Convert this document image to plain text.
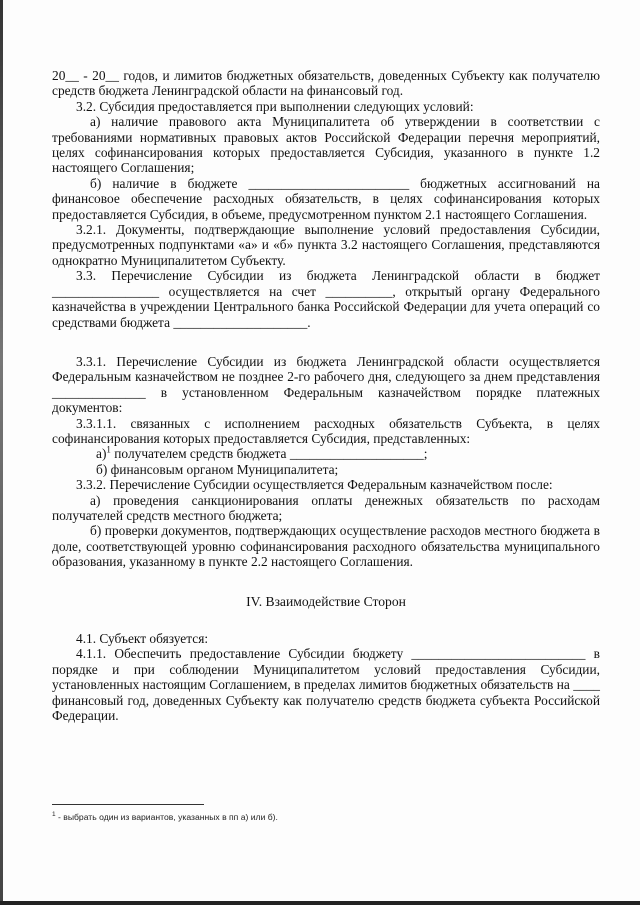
20__ - 20__ годов, и лимитов бюджетных обязательств, доведенных Субъекту как получателю средств бюджета Ленинградской области на финансовый год.

3.2. Субсидия предоставляется при выполнении следующих условий:

а) наличие правового акта Муниципалитета об утверждении в соответствии с требованиями нормативных правовых актов Российской Федерации перечня мероприятий, целях софинансирования которых предоставляется Субсидия, указанного в пункте 1.2 настоящего Соглашения;

б) наличие в бюджете ________________________ бюджетных ассигнований на финансовое обеспечение расходных обязательств, в целях софинансирования которых предоставляется Субсидия, в объеме, предусмотренном пунктом 2.1 настоящего Соглашения.

3.2.1. Документы, подтверждающие выполнение условий предоставления Субсидии, предусмотренных подпунктами «а» и «б» пункта 3.2 настоящего Соглашения, представляются однократно Муниципалитетом Субъекту.

3.3. Перечисление Субсидии из бюджета Ленинградской области в бюджет ________________ осуществляется на счет __________, открытый органу Федерального казначейства в учреждении Центрального банка Российской Федерации для учета операций со средствами бюджета ____________________.

3.3.1. Перечисление Субсидии из бюджета Ленинградской области осуществляется Федеральным казначейством не позднее 2-го рабочего дня, следующего за днем представления ______________ в установленном Федеральным казначейством порядке платежных документов:

3.3.1.1. связанных с исполнением расходных обязательств Субъекта, в целях софинансирования которых предоставляется Субсидия, представленных:

а)$^1$ получателем средств бюджета ____________________;

б) финансовым органом Муниципалитета;

3.3.2. Перечисление Субсидии осуществляется Федеральным казначейством после:

а) проведения санкционирования оплаты денежных обязательств по расходам получателей средств местного бюджета;

б) проверки документов, подтверждающих осуществление расходов местного бюджета в доле, соответствующей уровню софинансирования расходного обязательства муниципального образования, указанному в пункте 2.2 настоящего Соглашения.

IV. Взаимодействие Сторон

4.1. Субъект обязуется:

4.1.1. Обеспечить предоставление Субсидии бюджету __________________________ в порядке и при соблюдении Муниципалитетом условий предоставления Субсидии, установленных настоящим Соглашением, в пределах лимитов бюджетных обязательств на ____ финансовый год, доведенных Субъекту как получателю средств бюджета субъекта Российской Федерации.

$^1$ - выбрать один из вариантов, указанных в пп а) или б).
